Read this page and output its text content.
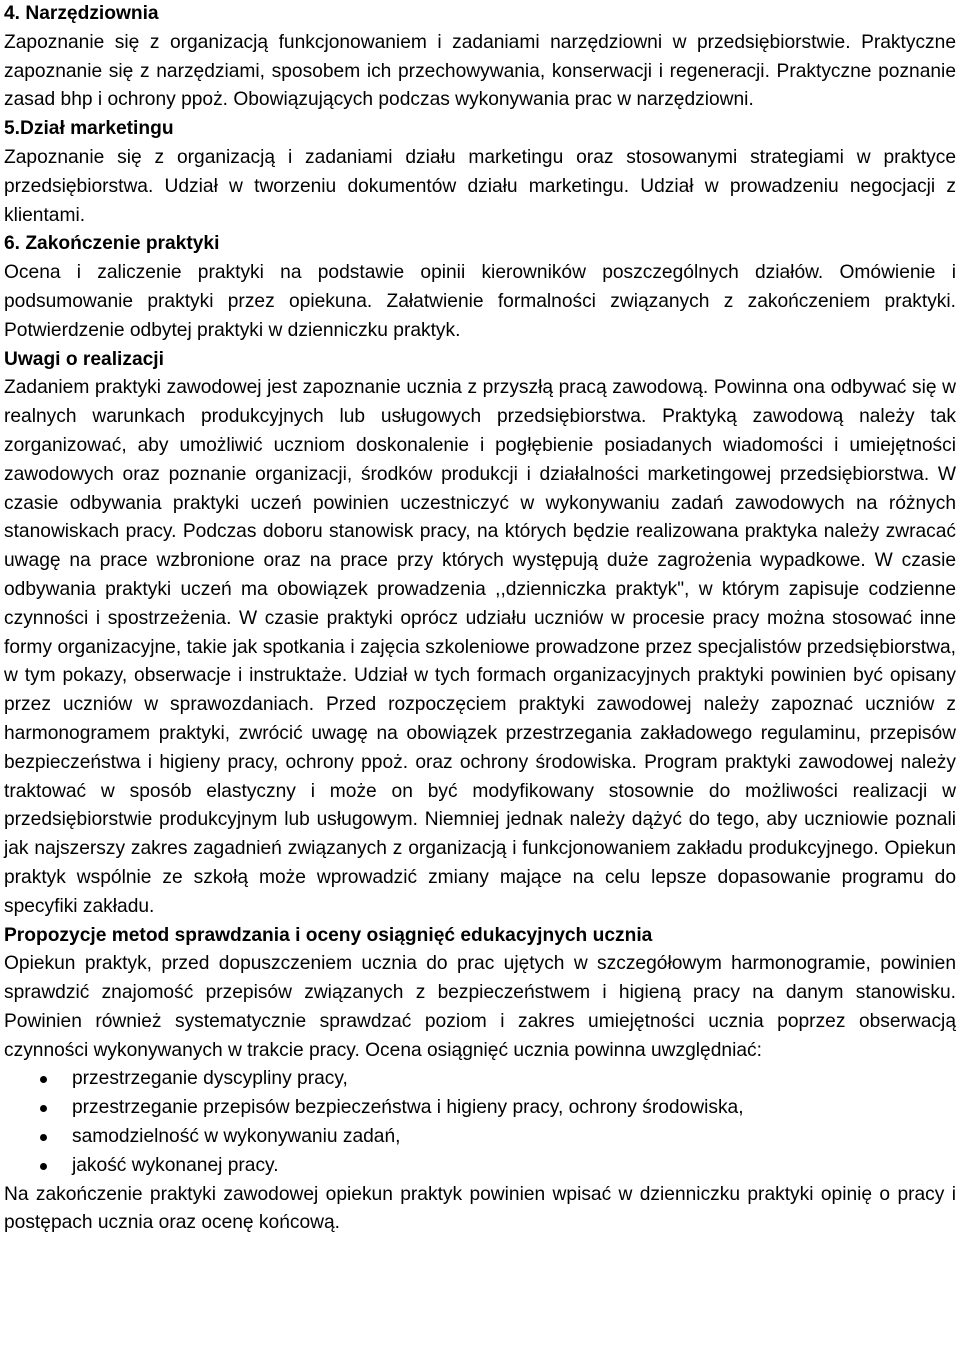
4. Narzędziownia

Zapoznanie się z organizacją funkcjonowaniem i zadaniami narzędziowni w przedsiębiorstwie. Praktyczne zapoznanie się z narzędziami, sposobem ich przechowywania, konserwacji i regeneracji. Praktyczne poznanie zasad bhp i ochrony ppoż. Obowiązujących podczas wykonywania prac w narzędziowni.

5.Dział marketingu

Zapoznanie się z organizacją i zadaniami działu marketingu oraz stosowanymi strategiami w praktyce przedsiębiorstwa. Udział w tworzeniu dokumentów działu marketingu. Udział w prowadzeniu negocjacji z klientami.

6. Zakończenie praktyki

Ocena i zaliczenie praktyki na podstawie opinii kierowników poszczególnych działów. Omówienie i podsumowanie praktyki przez opiekuna. Załatwienie formalności związanych z zakończeniem praktyki. Potwierdzenie odbytej praktyki w dzienniczku praktyk.

Uwagi o realizacji

Zadaniem praktyki zawodowej jest zapoznanie ucznia z przyszłą pracą zawodową. Powinna ona odbywać się w realnych warunkach produkcyjnych lub usługowych przedsiębiorstwa. Praktyką zawodową należy tak zorganizować, aby umożliwić uczniom doskonalenie i pogłębienie posiadanych wiadomości i umiejętności zawodowych oraz poznanie organizacji, środków produkcji i działalności marketingowej przedsiębiorstwa. W czasie odbywania praktyki uczeń powinien uczestniczyć w wykonywaniu zadań zawodowych na różnych stanowiskach pracy. Podczas doboru stanowisk pracy, na których będzie realizowana praktyka należy zwracać uwagę na prace wzbronione oraz na prace przy których występują duże zagrożenia wypadkowe. W czasie odbywania praktyki uczeń ma obowiązek prowadzenia ,,dzienniczka praktyk", w którym zapisuje codzienne czynności i spostrzeżenia. W czasie praktyki oprócz udziału uczniów w procesie pracy można stosować inne formy organizacyjne, takie jak spotkania i zajęcia szkoleniowe prowadzone przez specjalistów przedsiębiorstwa, w tym pokazy, obserwacje i instruktaże. Udział w tych formach organizacyjnych praktyki powinien być opisany przez uczniów w sprawozdaniach. Przed rozpoczęciem praktyki zawodowej należy zapoznać uczniów z harmonogramem praktyki, zwrócić uwagę na obowiązek przestrzegania zakładowego regulaminu, przepisów bezpieczeństwa i higieny pracy, ochrony ppoż. oraz ochrony środowiska. Program praktyki zawodowej należy traktować w sposób elastyczny i może on być modyfikowany stosownie do możliwości realizacji w przedsiębiorstwie produkcyjnym lub usługowym. Niemniej jednak należy dążyć do tego, aby uczniowie poznali jak najszerszy zakres zagadnień związanych z organizacją i funkcjonowaniem zakładu produkcyjnego. Opiekun praktyk wspólnie ze szkołą może wprowadzić zmiany mające na celu lepsze dopasowanie programu do specyfiki zakładu.

Propozycje metod sprawdzania i oceny osiągnięć edukacyjnych ucznia

Opiekun praktyk, przed dopuszczeniem ucznia do prac ujętych w szczegółowym harmonogramie, powinien sprawdzić znajomość przepisów związanych z bezpieczeństwem i higieną pracy na danym stanowisku. Powinien również systematycznie sprawdzać poziom i zakres umiejętności ucznia poprzez obserwacją czynności wykonywanych w trakcie pracy. Ocena osiągnięć ucznia powinna uwzględniać:

przestrzeganie dyscypliny pracy,
przestrzeganie przepisów bezpieczeństwa i higieny pracy, ochrony środowiska,
samodzielność w wykonywaniu zadań,
jakość wykonanej pracy.

Na zakończenie praktyki zawodowej opiekun praktyk powinien wpisać w dzienniczku praktyki opinię o pracy i postępach ucznia oraz ocenę końcową.
